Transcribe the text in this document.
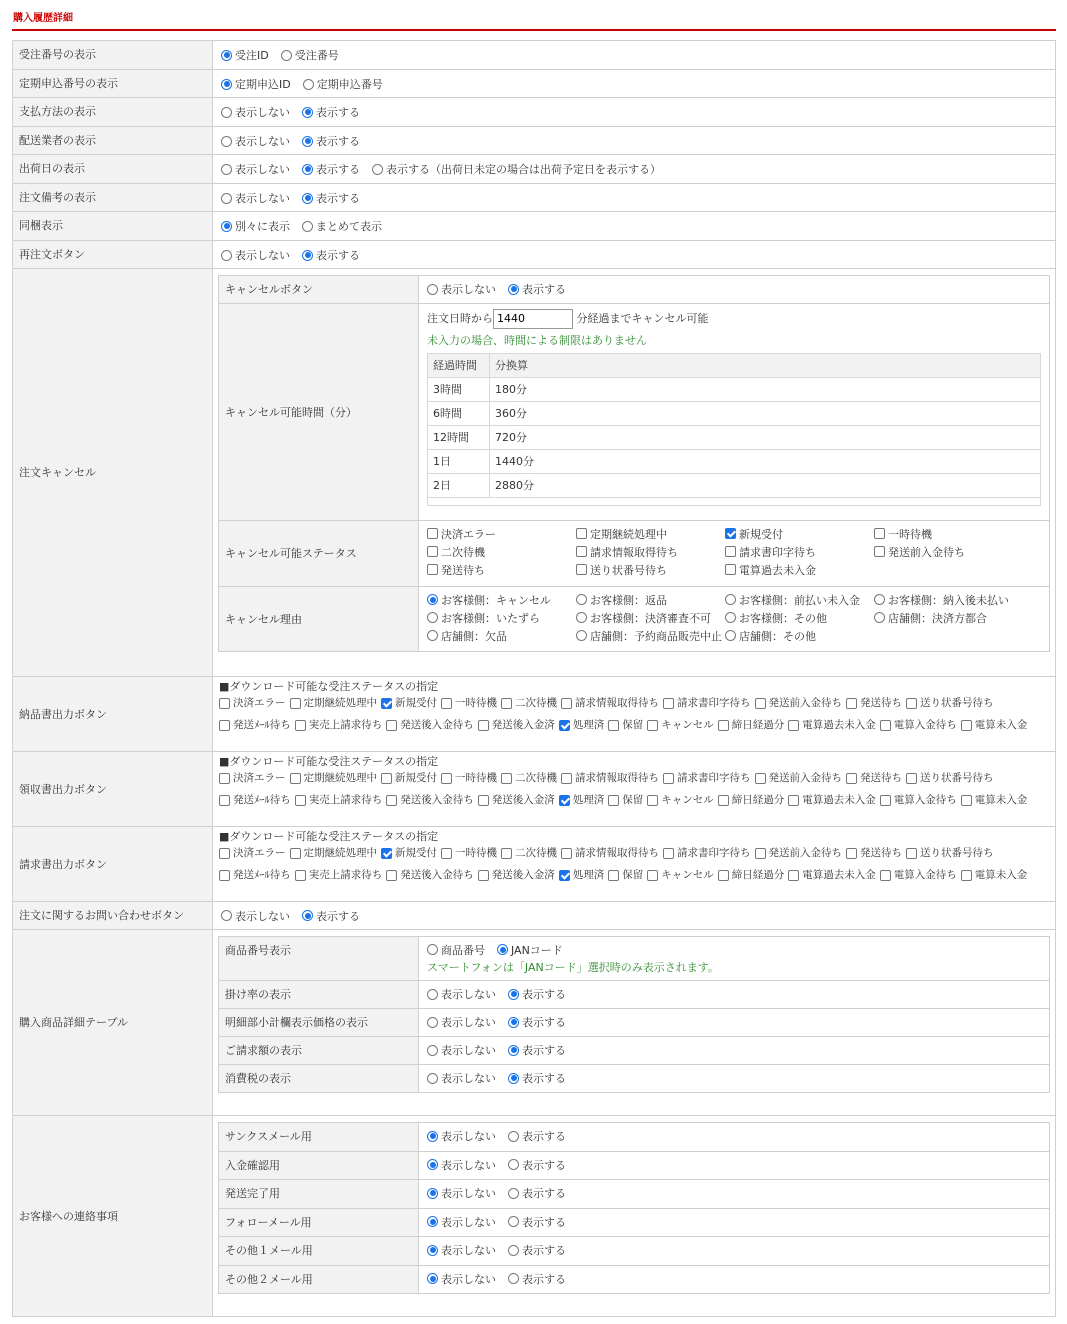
購入履歴詳細
受注番号の表示	受注ID 受注番号

定期申込番号の表示	定期申込ID 定期申込番号

支払方法の表示	表示しない 表示する

配送業者の表示	表示しない 表示する

出荷日の表示	表示しない 表示する 表示する（出荷日未定の場合は出荷予定日を表示する）

注文備考の表示	表示しない 表示する

同梱表示	別々に表示 まとめて表示

再注文ボタン	表示しない 表示する

注文キャンセル	
キャンセルボタン	表示しない 表示する

キャンセル可能時間（分）	
注文日時から1440	分経過までキャンセル可能
未入力の場合、時間による制限はありません
経過時間	分換算
3時間	180分
6時間	360分
12時間	720分
1日	1440分
2日	2880分

キャンセル可能ステータス	
決済エラー	定期継続処理中	新規受付	一時待機
二次待機	請求情報取得待ち	請求書印字待ち	発送前入金待ち
発送待ち	送り状番号待ち	電算過去未入金

キャンセル理由	
お客様側：キャンセル	お客様側：返品	お客様側：前払い未入金	お客様側：納入後未払い
お客様側：いたずら	お客様側：決済審査不可	お客様側：その他	店舗側：決済方都合
店舗側：欠品	店舗側：予約商品販売中止 店舗側：その他

納品書出力ボタン	
■ダウンロード可能な受注ステータスの指定
決済エラー 定期継続処理中 新規受付 一時待機 二次待機 請求情報取得待ち 請求書印字待ち 発送前入金待ち 発送待ち 送り状番号待ち
発送ﾒｰﾙ待ち 実売上請求待ち 発送後入金待ち 発送後入金済 処理済 保留 キャンセル 締日経過分 電算過去未入金 電算入金待ち 電算未入金

領収書出力ボタン	
■ダウンロード可能な受注ステータスの指定
決済エラー 定期継続処理中 新規受付 一時待機 二次待機 請求情報取得待ち 請求書印字待ち 発送前入金待ち 発送待ち 送り状番号待ち
発送ﾒｰﾙ待ち 実売上請求待ち 発送後入金待ち 発送後入金済 処理済 保留 キャンセル 締日経過分 電算過去未入金 電算入金待ち 電算未入金

請求書出力ボタン	
■ダウンロード可能な受注ステータスの指定
決済エラー 定期継続処理中 新規受付 一時待機 二次待機 請求情報取得待ち 請求書印字待ち 発送前入金待ち 発送待ち 送り状番号待ち
発送ﾒｰﾙ待ち 実売上請求待ち 発送後入金待ち 発送後入金済 処理済 保留 キャンセル 締日経過分 電算過去未入金 電算入金待ち 電算未入金

注文に関するお問い合わせボタン	表示しない 表示する

購入商品詳細テーブル	
商品番号表示	商品番号 JANコード
スマートフォンは「JANコード」選択時のみ表示されます。

掛け率の表示	表示しない 表示する

明細部小計欄表示価格の表示	表示しない 表示する

ご請求額の表示	表示しない 表示する

消費税の表示	表示しない 表示する

お客様への連絡事項	
サンクスメール用	表示しない 表示する

入金確認用	表示しない 表示する

発送完了用	表示しない 表示する

フォローメール用	表示しない 表示する

その他１メール用	表示しない 表示する

その他２メール用	表示しない 表示する
